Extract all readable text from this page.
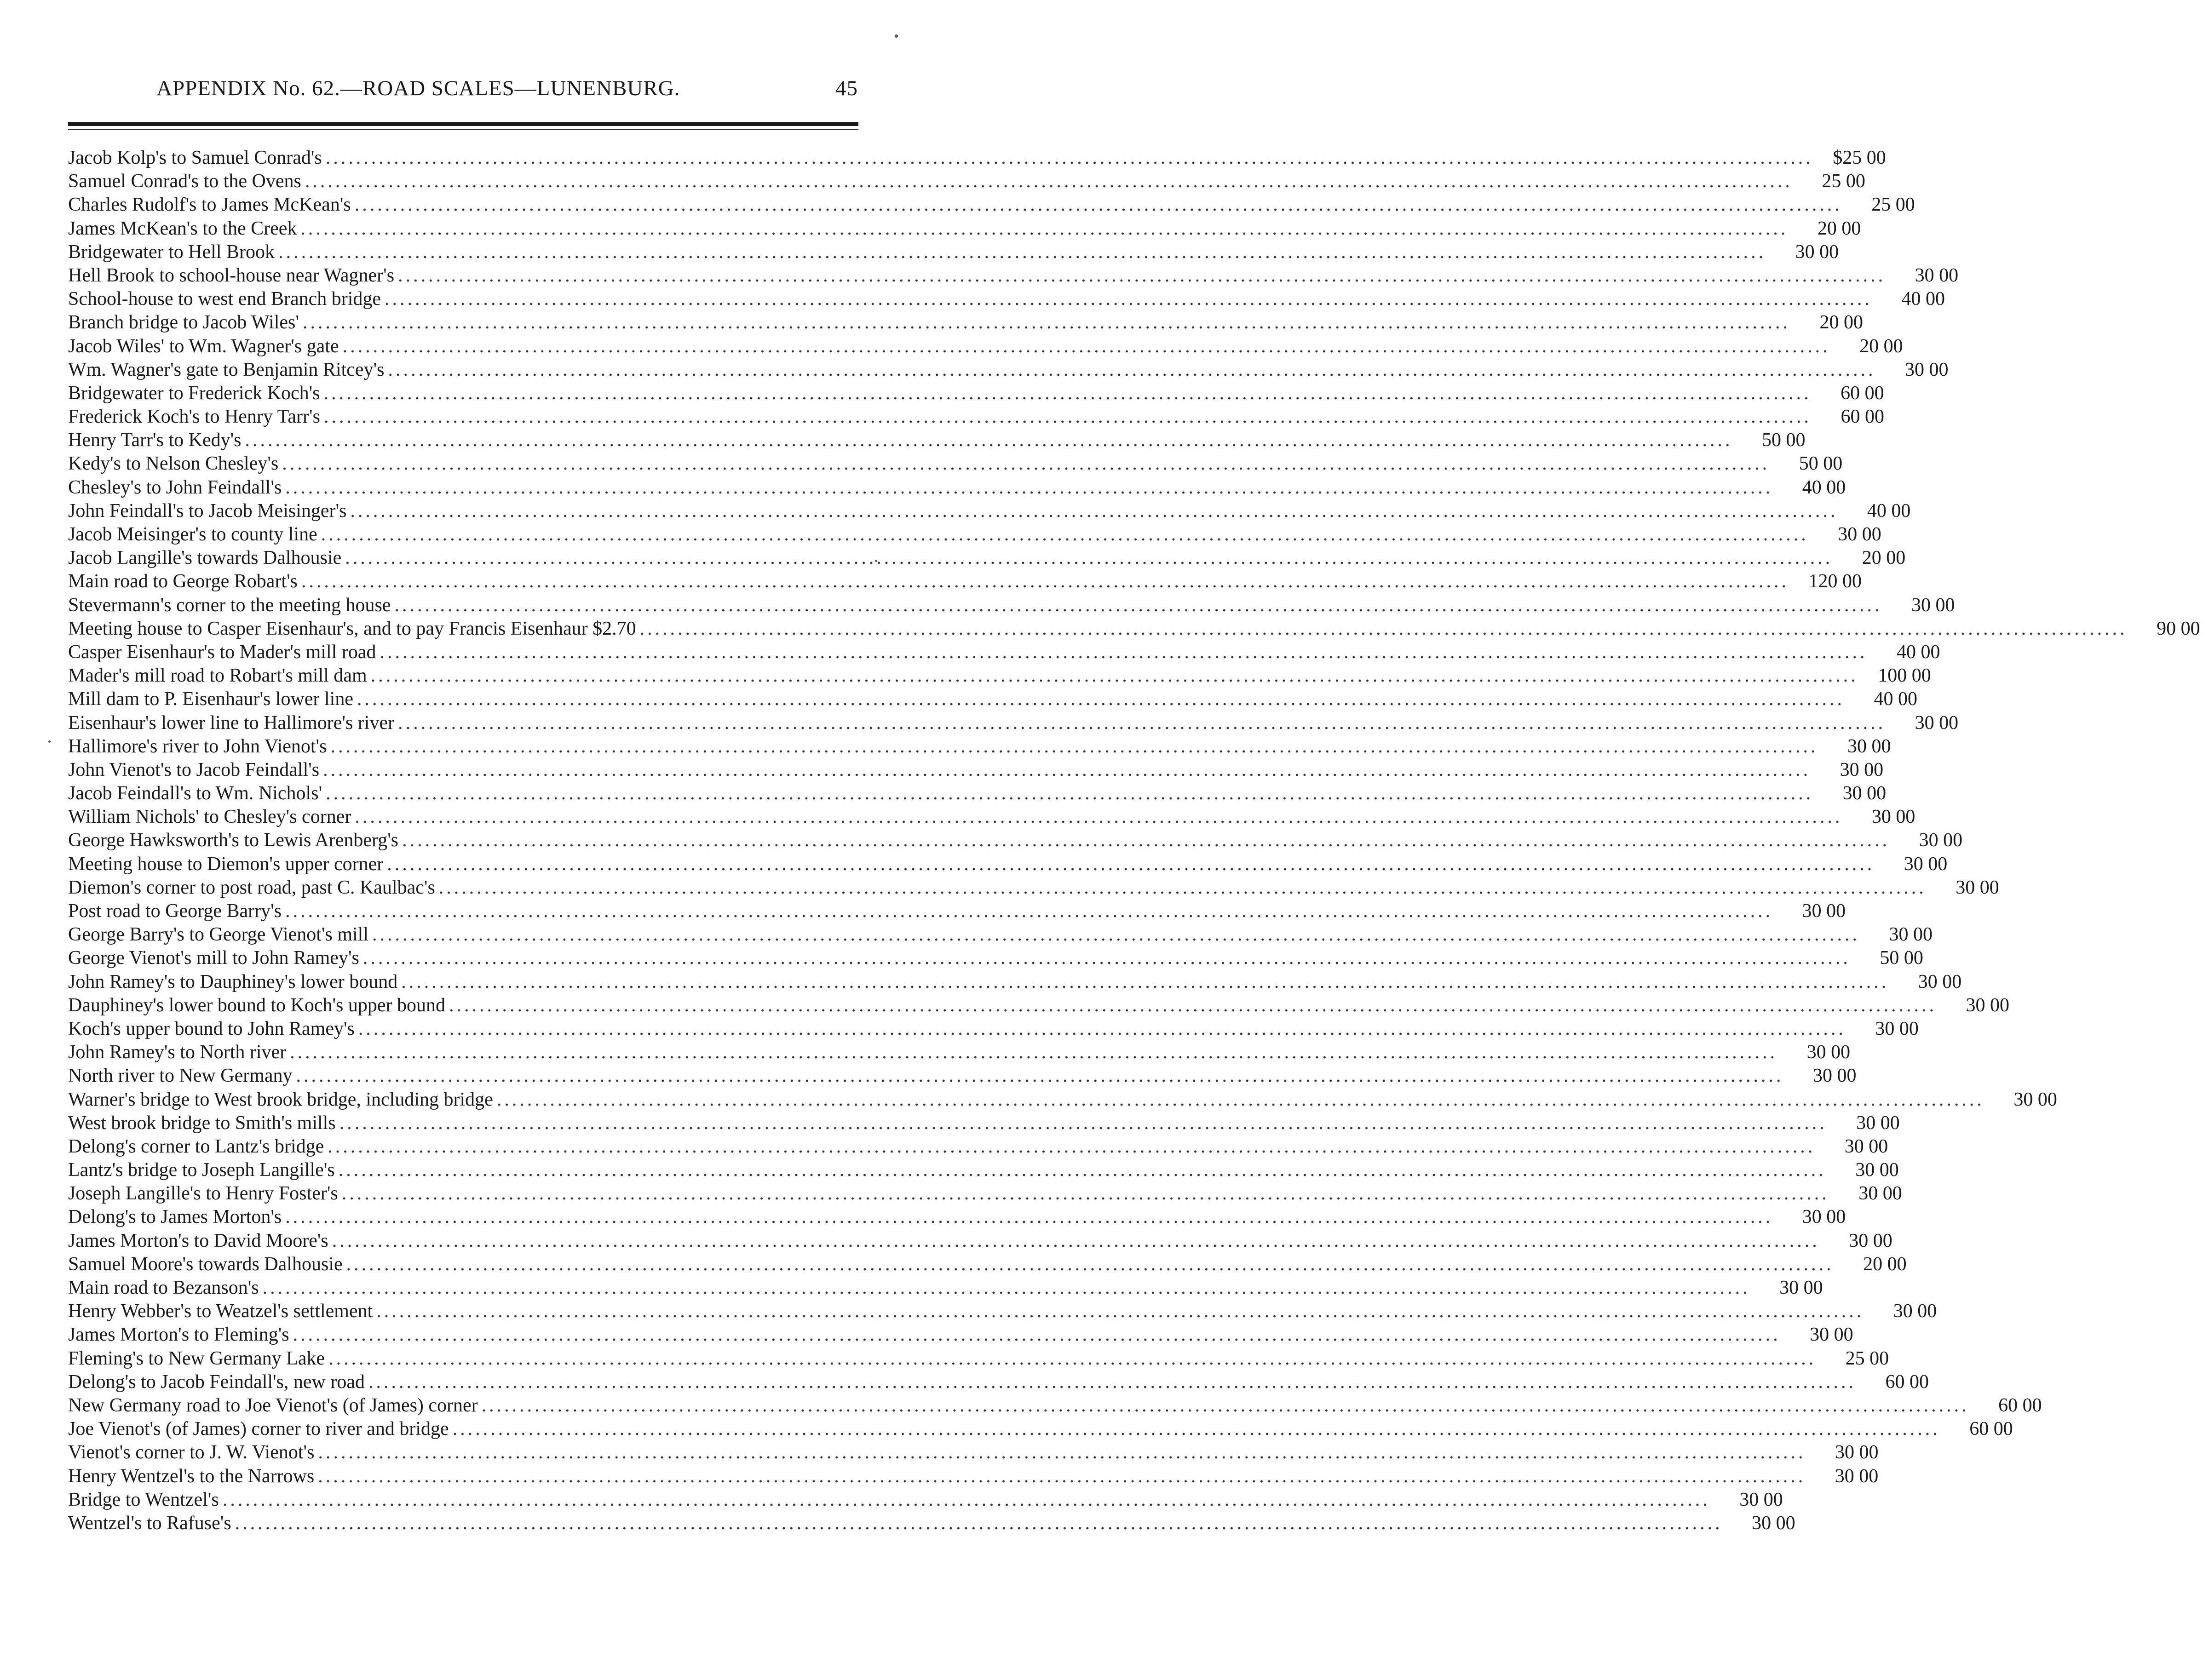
APPENDIX No. 62.—ROAD SCALES—LUNENBURG.	45
Jacob Kolp's to Samuel Conrad's .....	$25 00
Samuel Conrad's to the Ovens .....	25 00
Charles Rudolf's to James McKean's .....	25 00
James McKean's to the Creek .....	20 00
Bridgewater to Hell Brook .....	30 00
Hell Brook to school-house near Wagner's .....	30 00
School-house to west end Branch bridge .....	40 00
Branch bridge to Jacob Wiles' .....	20 00
Jacob Wiles' to Wm. Wagner's gate .....	20 00
Wm. Wagner's gate to Benjamin Ritcey's .....	30 00
Bridgewater to Frederick Koch's .....	60 00
Frederick Koch's to Henry Tarr's .....	60 00
Henry Tarr's to Kedy's .....	50 00
Kedy's to Nelson Chesley's .....	50 00
Chesley's to John Feindall's .....	40 00
John Feindall's to Jacob Meisinger's .....	40 00
Jacob Meisinger's to county line .....	30 00
Jacob Langille's towards Dalhousie .....	20 00
Main road to George Robart's .....	120 00
Stevermann's corner to the meeting house .....	30 00
Meeting house to Casper Eisenhaur's, and to pay Francis Eisenhaur $2.70 .....	90 00
Casper Eisenhaur's to Mader's mill road .....	40 00
Mader's mill road to Robart's mill dam .....	100 00
Mill dam to P. Eisenhaur's lower line .....	40 00
Eisenhaur's lower line to Hallimore's river .....	30 00
Hallimore's river to John Vienot's .....	30 00
John Vienot's to Jacob Feindall's .....	30 00
Jacob Feindall's to Wm. Nichols' .....	30 00
William Nichols' to Chesley's corner .....	30 00
George Hawksworth's to Lewis Arenberg's .....	30 00
Meeting house to Diemon's upper corner .....	30 00
Diemon's corner to post road, past C. Kaulbac's .....	30 00
Post road to George Barry's .....	30 00
George Barry's to George Vienot's mill .....	30 00
George Vienot's mill to John Ramey's .....	50 00
John Ramey's to Dauphiney's lower bound .....	30 00
Dauphiney's lower bound to Koch's upper bound .....	30 00
Koch's upper bound to John Ramey's .....	30 00
John Ramey's to North river .....	30 00
North river to New Germany .....	30 00
Warner's bridge to West brook bridge, including bridge .....	30 00
West brook bridge to Smith's mills .....	30 00
Delong's corner to Lantz's bridge .....	30 00
Lantz's bridge to Joseph Langille's .....	30 00
Joseph Langille's to Henry Foster's .....	30 00
Delong's to James Morton's .....	30 00
James Morton's to David Moore's .....	30 00
Samuel Moore's towards Dalhousie .....	20 00
Main road to Bezanson's .....	30 00
Henry Webber's to Weatzel's settlement .....	30 00
James Morton's to Fleming's .....	30 00
Fleming's to New Germany Lake .....	25 00
Delong's to Jacob Feindall's, new road .....	60 00
New Germany road to Joe Vienot's (of James) corner .....	60 00
Joe Vienot's (of James) corner to river and bridge .....	60 00
Vienot's corner to J. W. Vienot's .....	30 00
Henry Wentzel's to the Narrows .....	30 00
Bridge to Wentzel's .....	30 00
Wentzel's to Rafuse's .....	30 00
